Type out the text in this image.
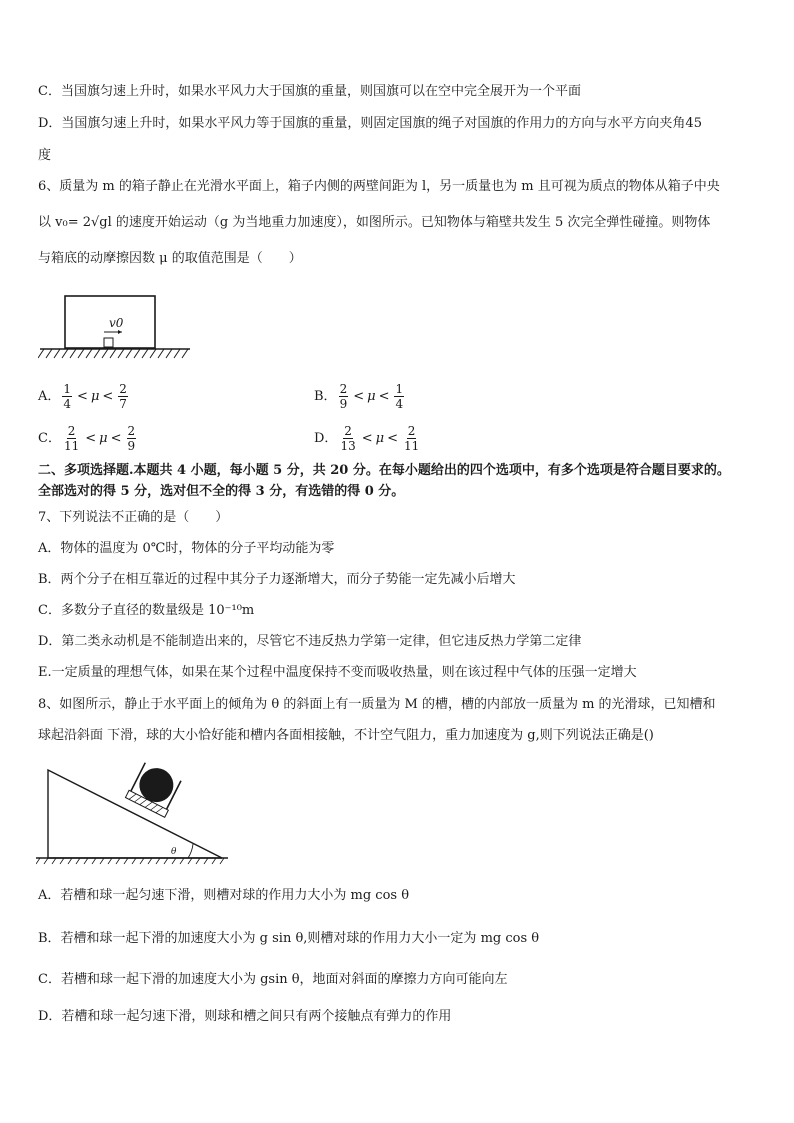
C．当国旗匀速上升时，如果水平风力大于国旗的重量，则国旗可以在空中完全展开为一个平面
D．当国旗匀速上升时，如果水平风力等于国旗的重量，则固定国旗的绳子对国旗的作用力的方向与水平方向夹角45
度
6、质量为 m 的箱子静止在光滑水平面上，箱子内侧的两壁间距为 l，另一质量也为 m 且可视为质点的物体从箱子中央
以 v₀= 2√gl 的速度开始运动（g 为当地重力加速度），如图所示。已知物体与箱壁共发生 5 次完全弹性碰撞。则物体
与箱底的动摩擦因数 μ 的取值范围是（　　）
v0
A． $\frac{1}{4} < \mu < \frac{2}{7}$	B． $\frac{2}{9} < \mu < \frac{1}{4}$
C． $\frac{2}{11} < \mu < \frac{2}{9}$	D． $\frac{2}{13} < \mu < \frac{2}{11}$
二、多项选择题.本题共 4 小题，每小题 5 分，共 20 分。在每小题给出的四个选项中，有多个选项是符合题目要求的。
全部选对的得 5 分，选对但不全的得 3 分，有选错的得 0 分。
7、下列说法不正确的是（　　）
A．物体的温度为 0℃时，物体的分子平均动能为零
B．两个分子在相互靠近的过程中其分子力逐渐增大，而分子势能一定先减小后增大
C．多数分子直径的数量级是 10⁻¹⁰m
D．第二类永动机是不能制造出来的，尽管它不违反热力学第一定律，但它违反热力学第二定律
E.一定质量的理想气体，如果在某个过程中温度保持不变而吸收热量，则在该过程中气体的压强一定增大
8、如图所示，静止于水平面上的倾角为 θ 的斜面上有一质量为 M 的槽，槽的内部放一质量为 m 的光滑球，已知槽和
球起沿斜面 下滑，球的大小恰好能和槽内各面相接触，不计空气阻力，重力加速度为 g,则下列说法正确是()
θ
A．若槽和球一起匀速下滑，则槽对球的作用力大小为 mg cos θ
B．若槽和球一起下滑的加速度大小为 g sin θ,则槽对球的作用力大小一定为 mg cos θ
C．若槽和球一起下滑的加速度大小为 gsin θ，地面对斜面的摩擦力方向可能向左
D．若槽和球一起匀速下滑，则球和槽之间只有两个接触点有弹力的作用
